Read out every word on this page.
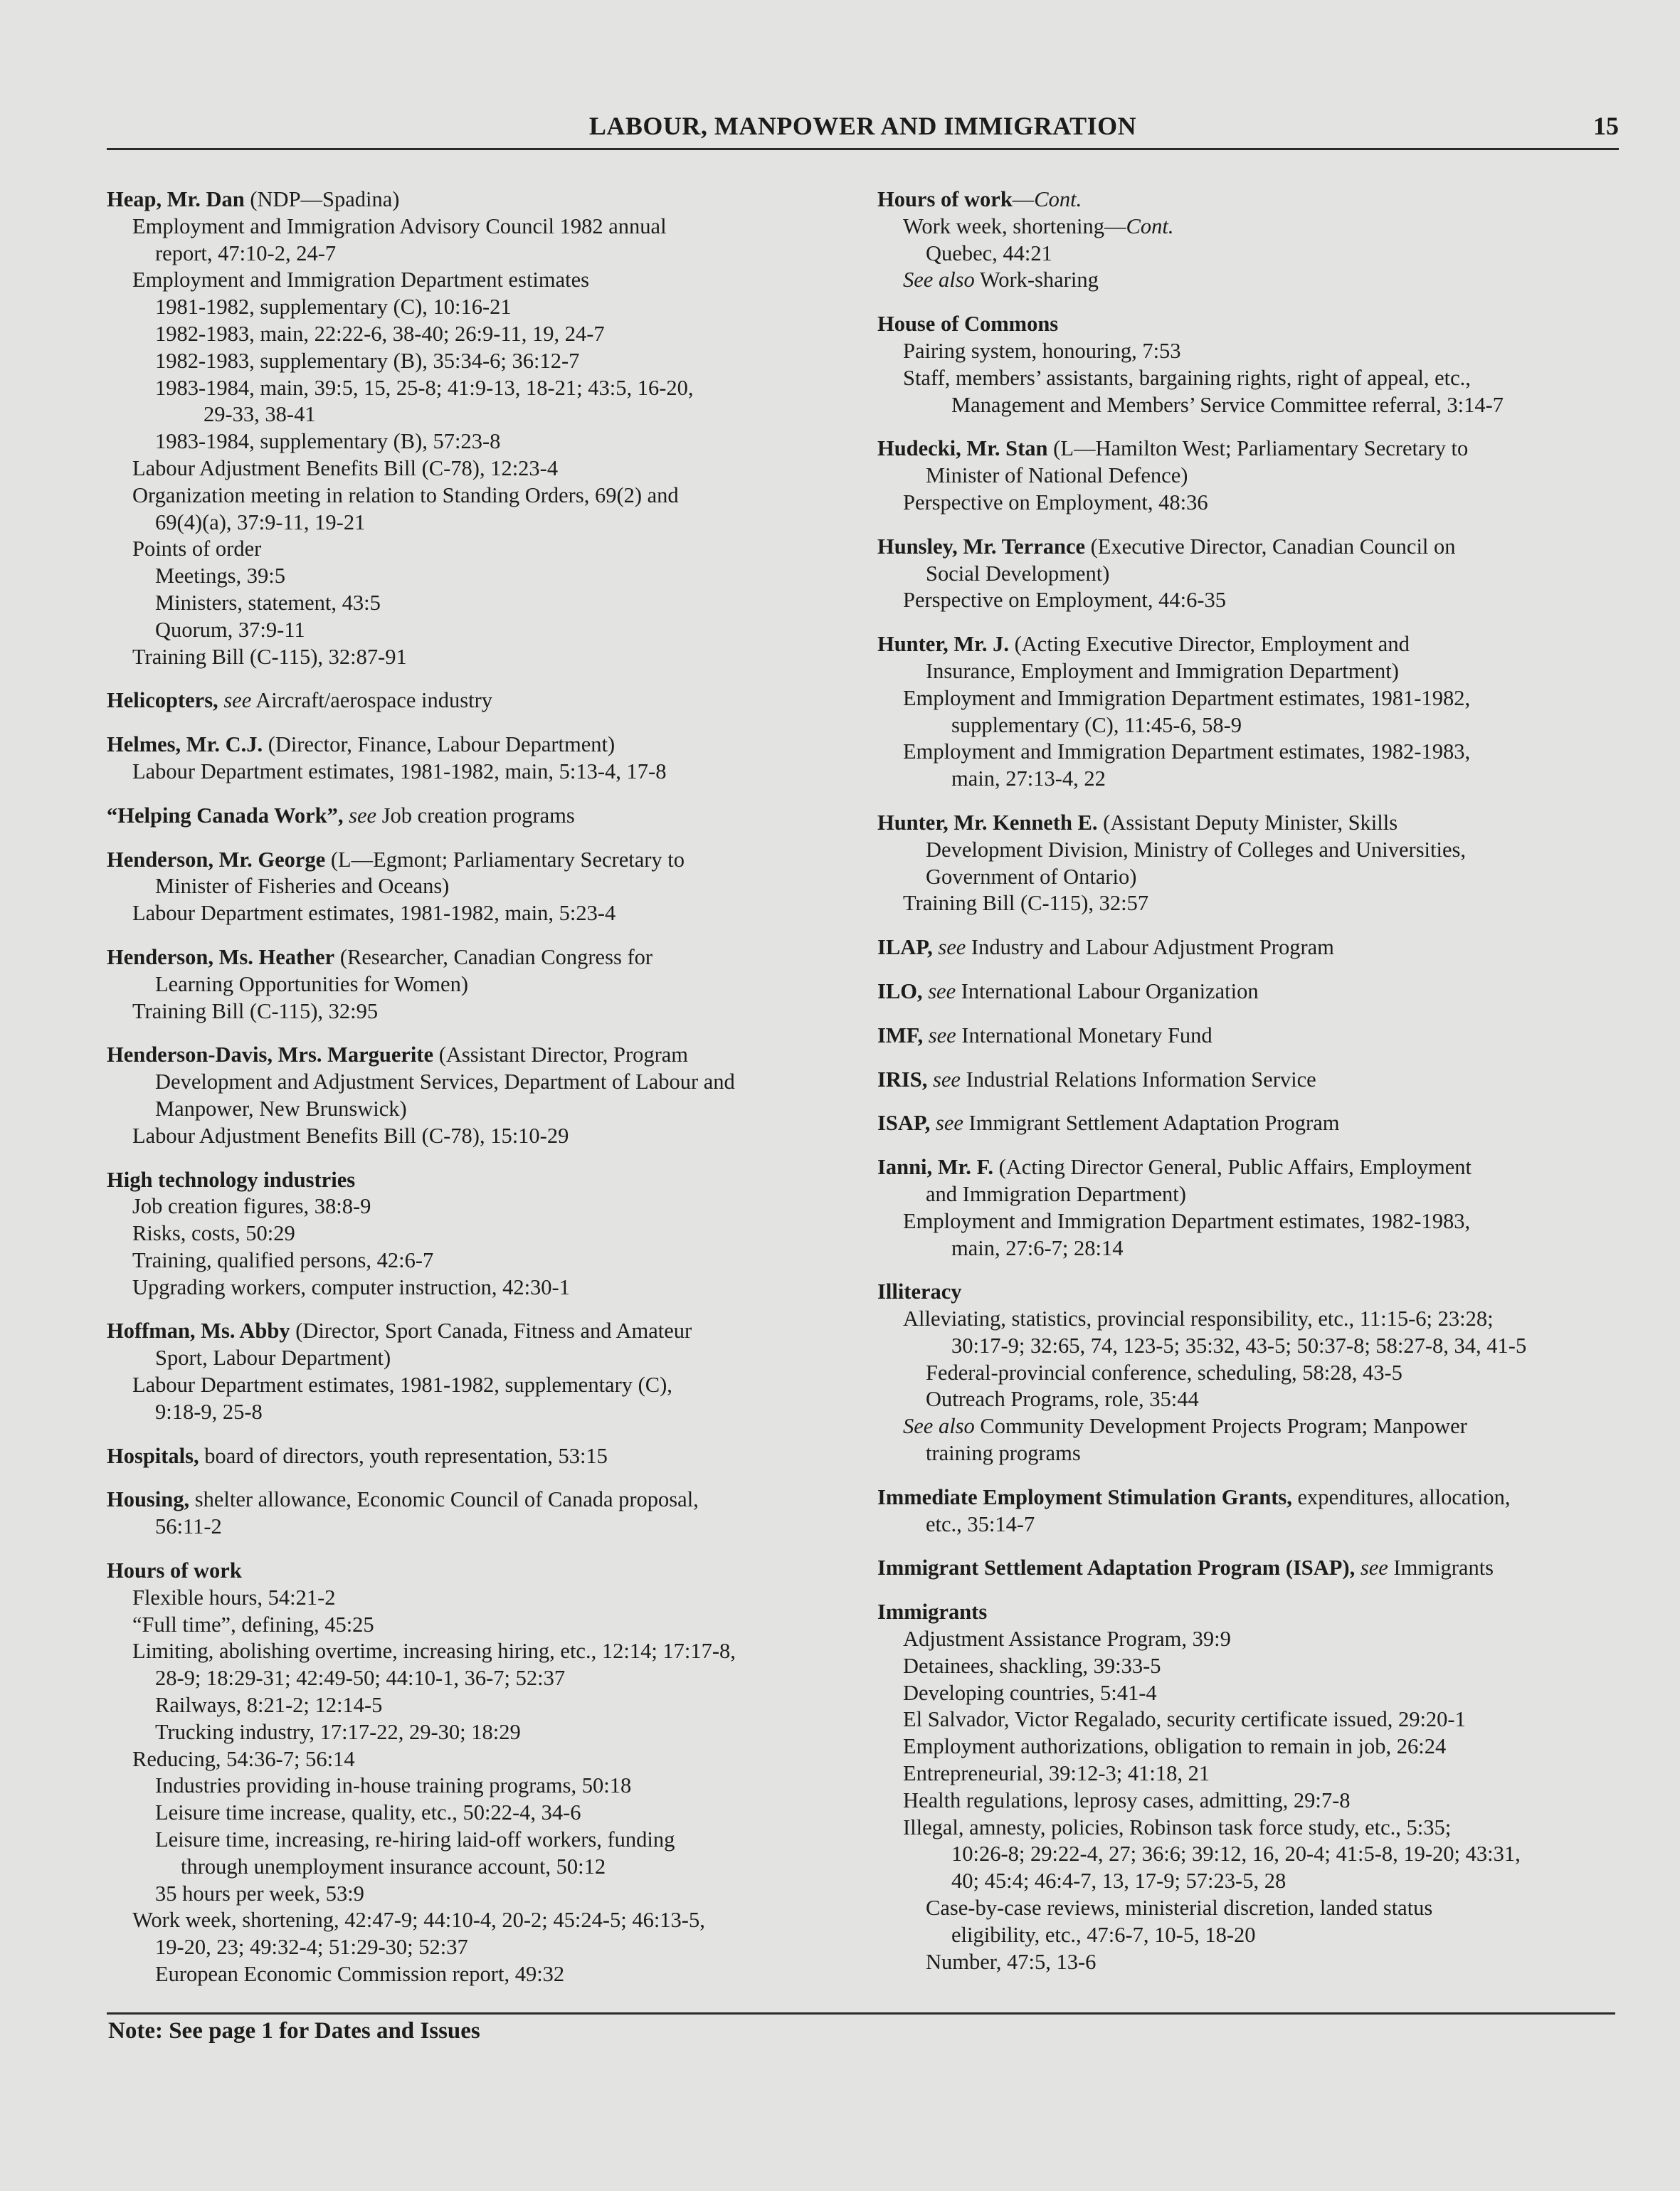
LABOUR, MANPOWER AND IMMIGRATION	15
Heap, Mr. Dan (NDP—Spadina)
Employment and Immigration Advisory Council 1982 annual
report, 47:10-2, 24-7
Employment and Immigration Department estimates
1981-1982, supplementary (C), 10:16-21
1982-1983, main, 22:22-6, 38-40; 26:9-11, 19, 24-7
1982-1983, supplementary (B), 35:34-6; 36:12-7
1983-1984, main, 39:5, 15, 25-8; 41:9-13, 18-21; 43:5, 16-20,
29-33, 38-41
1983-1984, supplementary (B), 57:23-8
Labour Adjustment Benefits Bill (C-78), 12:23-4
Organization meeting in relation to Standing Orders, 69(2) and
69(4)(a), 37:9-11, 19-21
Points of order
Meetings, 39:5
Ministers, statement, 43:5
Quorum, 37:9-11
Training Bill (C-115), 32:87-91
Helicopters, see Aircraft/aerospace industry
Helmes, Mr. C.J. (Director, Finance, Labour Department)
Labour Department estimates, 1981-1982, main, 5:13-4, 17-8
“Helping Canada Work”, see Job creation programs
Henderson, Mr. George (L—Egmont; Parliamentary Secretary to
Minister of Fisheries and Oceans)
Labour Department estimates, 1981-1982, main, 5:23-4
Henderson, Ms. Heather (Researcher, Canadian Congress for
Learning Opportunities for Women)
Training Bill (C-115), 32:95
Henderson-Davis, Mrs. Marguerite (Assistant Director, Program
Development and Adjustment Services, Department of Labour and
Manpower, New Brunswick)
Labour Adjustment Benefits Bill (C-78), 15:10-29
High technology industries
Job creation figures, 38:8-9
Risks, costs, 50:29
Training, qualified persons, 42:6-7
Upgrading workers, computer instruction, 42:30-1
Hoffman, Ms. Abby (Director, Sport Canada, Fitness and Amateur
Sport, Labour Department)
Labour Department estimates, 1981-1982, supplementary (C),
9:18-9, 25-8
Hospitals, board of directors, youth representation, 53:15
Housing, shelter allowance, Economic Council of Canada proposal,
56:11-2
Hours of work
Flexible hours, 54:21-2
“Full time”, defining, 45:25
Limiting, abolishing overtime, increasing hiring, etc., 12:14; 17:17-8,
28-9; 18:29-31; 42:49-50; 44:10-1, 36-7; 52:37
Railways, 8:21-2; 12:14-5
Trucking industry, 17:17-22, 29-30; 18:29
Reducing, 54:36-7; 56:14
Industries providing in-house training programs, 50:18
Leisure time increase, quality, etc., 50:22-4, 34-6
Leisure time, increasing, re-hiring laid-off workers, funding
through unemployment insurance account, 50:12
35 hours per week, 53:9
Work week, shortening, 42:47-9; 44:10-4, 20-2; 45:24-5; 46:13-5,
19-20, 23; 49:32-4; 51:29-30; 52:37
European Economic Commission report, 49:32
Hours of work—Cont.
Work week, shortening—Cont.
Quebec, 44:21
See also Work-sharing
House of Commons
Pairing system, honouring, 7:53
Staff, members’ assistants, bargaining rights, right of appeal, etc.,
Management and Members’ Service Committee referral, 3:14-7
Hudecki, Mr. Stan (L—Hamilton West; Parliamentary Secretary to
Minister of National Defence)
Perspective on Employment, 48:36
Hunsley, Mr. Terrance (Executive Director, Canadian Council on
Social Development)
Perspective on Employment, 44:6-35
Hunter, Mr. J. (Acting Executive Director, Employment and
Insurance, Employment and Immigration Department)
Employment and Immigration Department estimates, 1981-1982,
supplementary (C), 11:45-6, 58-9
Employment and Immigration Department estimates, 1982-1983,
main, 27:13-4, 22
Hunter, Mr. Kenneth E. (Assistant Deputy Minister, Skills
Development Division, Ministry of Colleges and Universities,
Government of Ontario)
Training Bill (C-115), 32:57
ILAP, see Industry and Labour Adjustment Program
ILO, see International Labour Organization
IMF, see International Monetary Fund
IRIS, see Industrial Relations Information Service
ISAP, see Immigrant Settlement Adaptation Program
Ianni, Mr. F. (Acting Director General, Public Affairs, Employment
and Immigration Department)
Employment and Immigration Department estimates, 1982-1983,
main, 27:6-7; 28:14
Illiteracy
Alleviating, statistics, provincial responsibility, etc., 11:15-6; 23:28;
30:17-9; 32:65, 74, 123-5; 35:32, 43-5; 50:37-8; 58:27-8, 34, 41-5
Federal-provincial conference, scheduling, 58:28, 43-5
Outreach Programs, role, 35:44
See also Community Development Projects Program; Manpower
training programs
Immediate Employment Stimulation Grants, expenditures, allocation,
etc., 35:14-7
Immigrant Settlement Adaptation Program (ISAP), see Immigrants
Immigrants
Adjustment Assistance Program, 39:9
Detainees, shackling, 39:33-5
Developing countries, 5:41-4
El Salvador, Victor Regalado, security certificate issued, 29:20-1
Employment authorizations, obligation to remain in job, 26:24
Entrepreneurial, 39:12-3; 41:18, 21
Health regulations, leprosy cases, admitting, 29:7-8
Illegal, amnesty, policies, Robinson task force study, etc., 5:35;
10:26-8; 29:22-4, 27; 36:6; 39:12, 16, 20-4; 41:5-8, 19-20; 43:31,
40; 45:4; 46:4-7, 13, 17-9; 57:23-5, 28
Case-by-case reviews, ministerial discretion, landed status
eligibility, etc., 47:6-7, 10-5, 18-20
Number, 47:5, 13-6
Note: See page 1 for Dates and Issues
